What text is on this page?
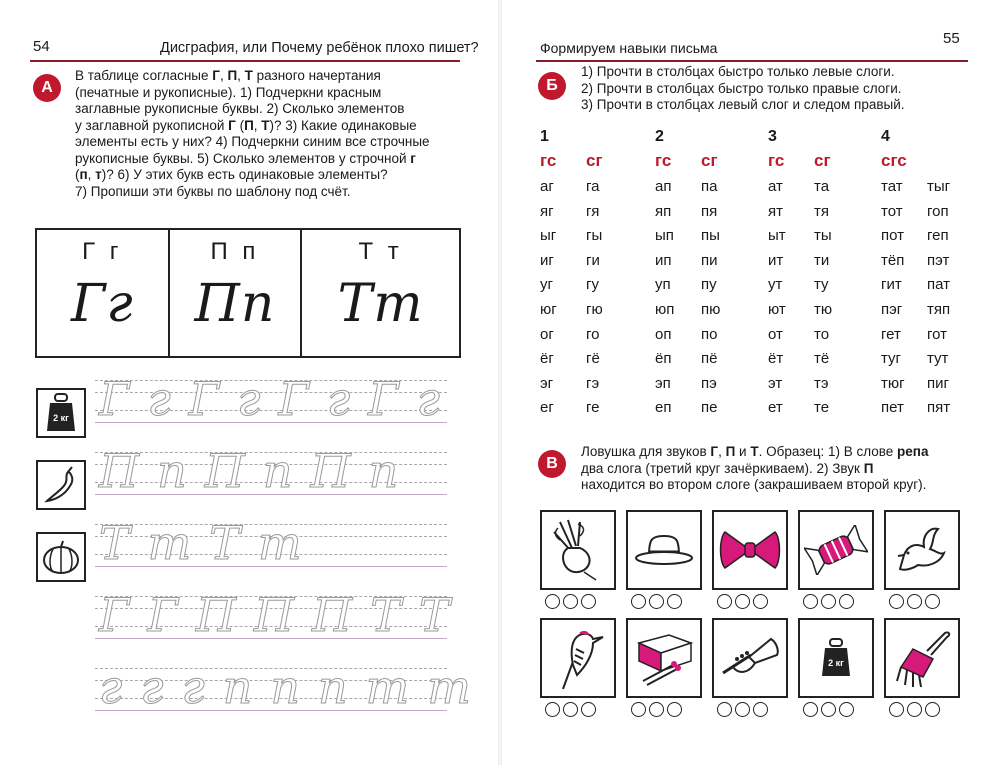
54	Дисграфия, или Почему ребёнок плохо пишет?
А
В таблице согласные Г, П, Т разного начертания
(печатные и рукописные). 1) Подчеркни красным
заглавные рукописные буквы. 2) Сколько элементов
у заглавной рукописной Г (П, Т)? 3) Какие одинаковые
элементы есть у них? 4) Подчеркни синим все строчные
рукописные буквы. 5) Сколько элементов у строчной г
(п, т)? 6) У этих букв есть одинаковые элементы?
7) Пропиши эти буквы по шаблону под счёт.
Г г
Гг
П п
Пп
Т т
Тт
ГгГгГгГг
2 кг
ПпПпПп
ТтТт
ГГПППТТ
гггппптт
Формируем навыки письма
55
Б
1) Прочти в столбцах быстро только левые слоги.
2) Прочти в столбцах быстро только правые слоги.
3) Прочти в столбцах левый слог и следом правый.
1
гс сг
аг га
яг гя
ыг гы
иг ги
уг гу
юг гю
ог го
ёг гё
эг гэ
ег ге
2
гс сг
ап па
яп пя
ып пы
ип пи
уп пу
юп пю
оп по
ёп пё
эп пэ
еп пе
3
гс сг
ат та
ят тя
ыт ты
ит ти
ут ту
ют тю
от то
ёт тё
эт тэ
ет те
4
сгс
тат тыг
тот гоп
пот геп
тёп пэт
гит пат
пэг тяп
гет гот
туг тут
тюг пиг
пет пят
В
Ловушка для звуков Г, П и Т. Образец: 1) В слове репа
два слога (третий круг зачёркиваем). 2) Звук П
находится во втором слоге (закрашиваем второй круг).
2 кг
